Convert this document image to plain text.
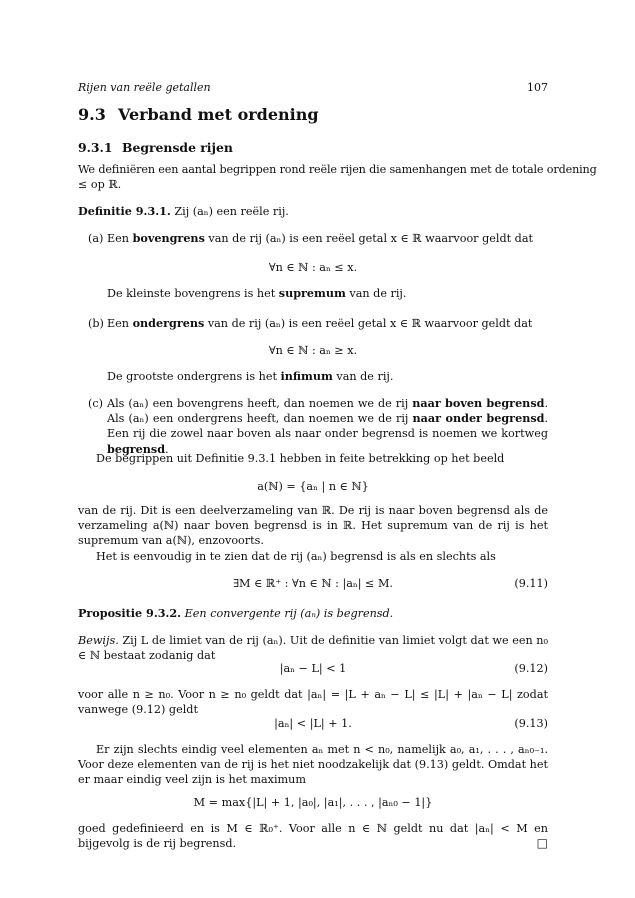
Rijen van reële getallen	107
9.3 Verband met ordening
9.3.1 Begrensde rijen
We definiëren een aantal begrippen rond reële rijen die samenhangen met de totale ordening
≤ op ℝ.
Definitie 9.3.1. Zij (aₙ) een reële rij.
(a) Een bovengrens van de rij (aₙ) is een reëel getal x ∈ ℝ waarvoor geldt dat
∀n ∈ ℕ : aₙ ≤ x.
De kleinste bovengrens is het supremum van de rij.
(b) Een ondergrens van de rij (aₙ) is een reëel getal x ∈ ℝ waarvoor geldt dat
∀n ∈ ℕ : aₙ ≥ x.
De grootste ondergrens is het infimum van de rij.
(c) Als (aₙ) een bovengrens heeft, dan noemen we de rij naar boven begrensd. Als (aₙ) een ondergrens heeft, dan noemen we de rij naar onder begrensd. Een rij die zowel naar boven als naar onder begrensd is noemen we kortweg begrensd.
De begrippen uit Definitie 9.3.1 hebben in feite betrekking op het beeld
a(ℕ) = {aₙ | n ∈ ℕ}
van de rij. Dit is een deelverzameling van ℝ. De rij is naar boven begrensd als de verzameling a(ℕ) naar boven begrensd is in ℝ. Het supremum van de rij is het supremum van a(ℕ), enzovoorts.
Het is eenvoudig in te zien dat de rij (aₙ) begrensd is als en slechts als
∃M ∈ ℝ⁺ : ∀n ∈ ℕ : |aₙ| ≤ M.	(9.11)
Propositie 9.3.2. Een convergente rij (aₙ) is begrensd.
Bewijs. Zij L de limiet van de rij (aₙ). Uit de definitie van limiet volgt dat we een n₀ ∈ ℕ bestaat zodanig dat
|aₙ − L| < 1	(9.12)
voor alle n ≥ n₀. Voor n ≥ n₀ geldt dat |aₙ| = |L + aₙ − L| ≤ |L| + |aₙ − L| zodat vanwege (9.12) geldt
|aₙ| < |L| + 1.	(9.13)
Er zijn slechts eindig veel elementen aₙ met n < n₀, namelijk a₀, a₁, . . . , aₙ₀₋₁. Voor deze elementen van de rij is het niet noodzakelijk dat (9.13) geldt. Omdat het er maar eindig veel zijn is het maximum
M = max{|L| + 1, |a₀|, |a₁|, . . . , |aₙ₀ − 1|}
goed gedefinieerd en is M ∈ ℝ₀⁺. Voor alle n ∈ ℕ geldt nu dat |aₙ| < M en bijgevolg is de rij begrensd.	□
